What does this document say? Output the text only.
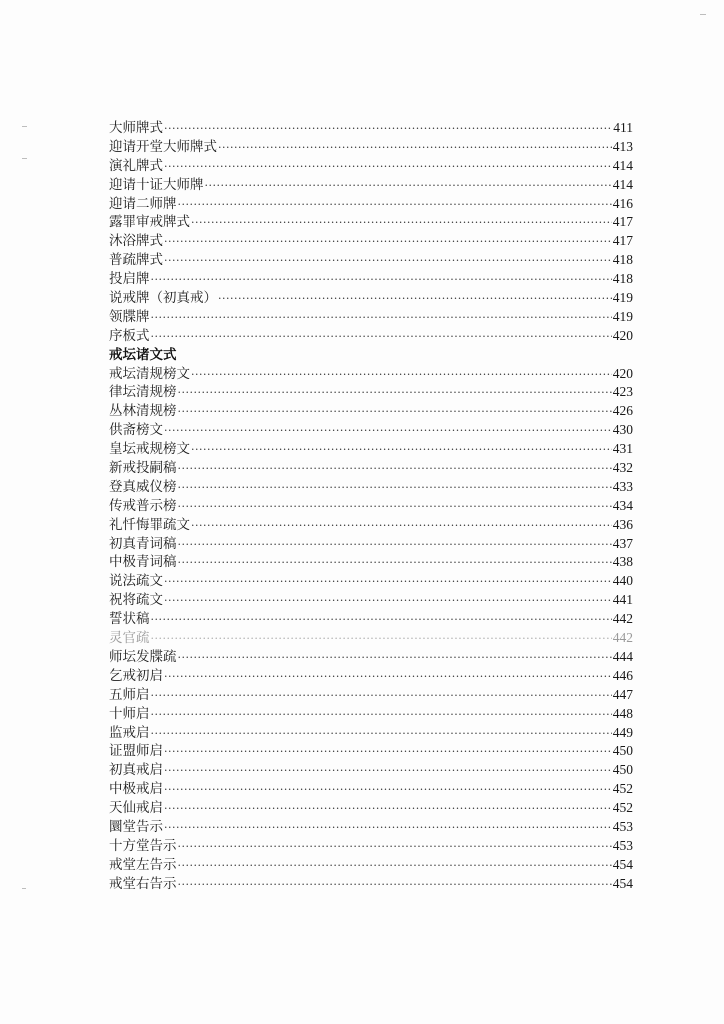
大师牌式 ·····	411
迎请开堂大师牌式 ·····	413
演礼牌式 ·····	414
迎请十证大师牌 ·····	414
迎请二师牌 ·····	416
露罪审戒牌式 ·····	417
沐浴牌式 ·····	417
普疏牌式 ·····	418
投启牌 ·····	418
说戒牌（初真戒） ·····	419
领牒牌 ·····	419
序板式 ·····	420
戒坛诸文式
戒坛清规榜文 ·····	420
律坛清规榜 ·····	423
丛林清规榜 ·····	426
供斋榜文 ·····	430
皇坛戒规榜文 ·····	431
新戒投嗣稿 ·····	432
登真威仪榜 ·····	433
传戒普示榜 ·····	434
礼忏悔罪疏文 ·····	436
初真青词稿 ·····	437
中极青词稿 ·····	438
说法疏文 ·····	440
祝将疏文 ·····	441
誓状稿 ·····	442
灵官疏 ·····	442
师坛发牒疏 ·····	444
乞戒初启 ·····	446
五师启 ·····	447
十师启 ·····	448
监戒启 ·····	449
证盟师启 ·····	450
初真戒启 ·····	450
中极戒启 ·····	452
天仙戒启 ·····	452
圜堂告示 ·····	453
十方堂告示 ·····	453
戒堂左告示 ·····	454
戒堂右告示 ·····	454
